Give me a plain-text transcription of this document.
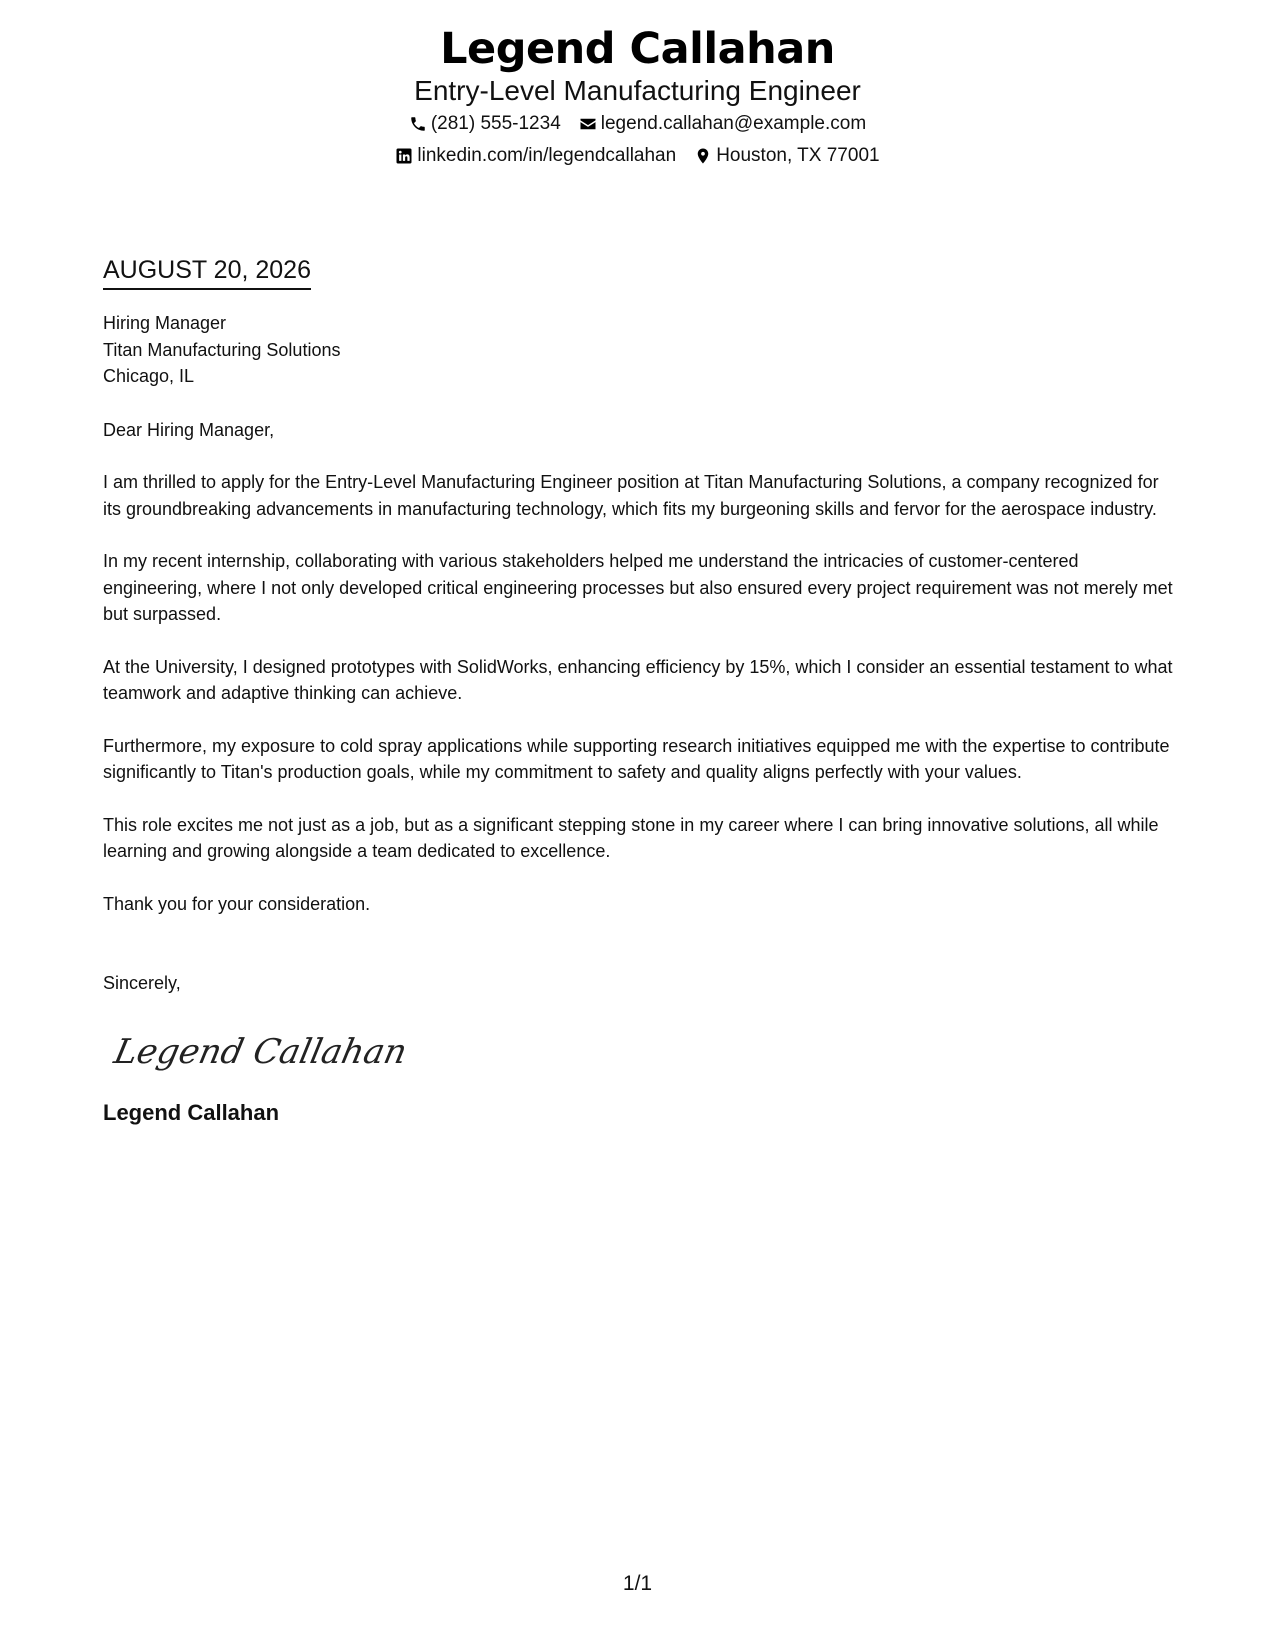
Legend Callahan
Entry-Level Manufacturing Engineer
(281) 555-1234 legend.callahan@example.com
linkedin.com/in/legendcallahan Houston, TX 77001
AUGUST 20, 2026
Hiring Manager
Titan Manufacturing Solutions
Chicago, IL

Dear Hiring Manager,

I am thrilled to apply for the Entry-Level Manufacturing Engineer position at Titan Manufacturing Solutions, a company recognized for its groundbreaking advancements in manufacturing technology, which fits my burgeoning skills and fervor for the aerospace industry.

In my recent internship, collaborating with various stakeholders helped me understand the intricacies of customer-centered engineering, where I not only developed critical engineering processes but also ensured every project requirement was not merely met but surpassed.

At the University, I designed prototypes with SolidWorks, enhancing efficiency by 15%, which I consider an essential testament to what teamwork and adaptive thinking can achieve.

Furthermore, my exposure to cold spray applications while supporting research initiatives equipped me with the expertise to contribute significantly to Titan's production goals, while my commitment to safety and quality aligns perfectly with your values.

This role excites me not just as a job, but as a significant stepping stone in my career where I can bring innovative solutions, all while learning and growing alongside a team dedicated to excellence.

Thank you for your consideration.

Sincerely,

Legend Callahan
Legend Callahan
1/1
